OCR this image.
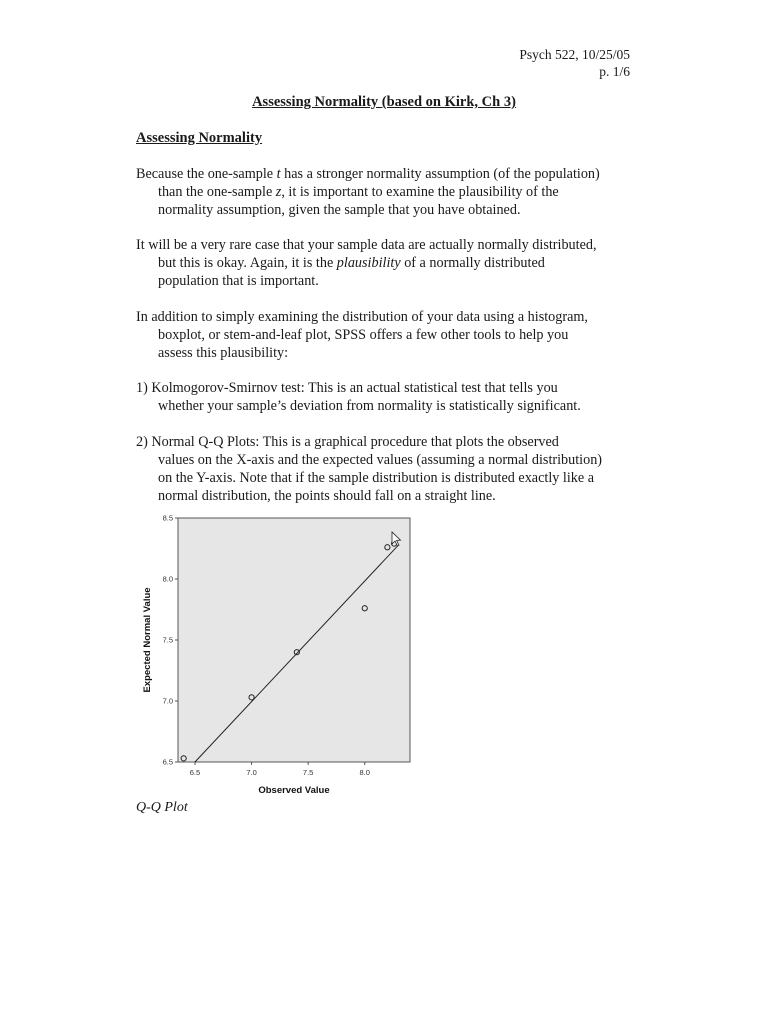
Psych 522, 10/25/05
p. 1/6
Assessing Normality (based on Kirk, Ch 3)
Assessing Normality
Because the one-sample t has a stronger normality assumption (of the population)
than the one-sample z, it is important to examine the plausibility of the
normality assumption, given the sample that you have obtained.
It will be a very rare case that your sample data are actually normally distributed,
but this is okay. Again, it is the plausibility of a normally distributed
population that is important.
In addition to simply examining the distribution of your data using a histogram,
boxplot, or stem-and-leaf plot, SPSS offers a few other tools to help you
assess this plausibility:
1) Kolmogorov-Smirnov test: This is an actual statistical test that tells you
whether your sample’s deviation from normality is statistically significant.
2) Normal Q-Q Plots: This is a graphical procedure that plots the observed
values on the X-axis and the expected values (assuming a normal distribution)
on the Y-axis. Note that if the sample distribution is distributed exactly like a
normal distribution, the points should fall on a straight line.
6.5	7.0	7.5	8.0
6.5
7.0
7.5
8.0
8.5
Observed Value
Expected Normal Value
Q-Q Plot
